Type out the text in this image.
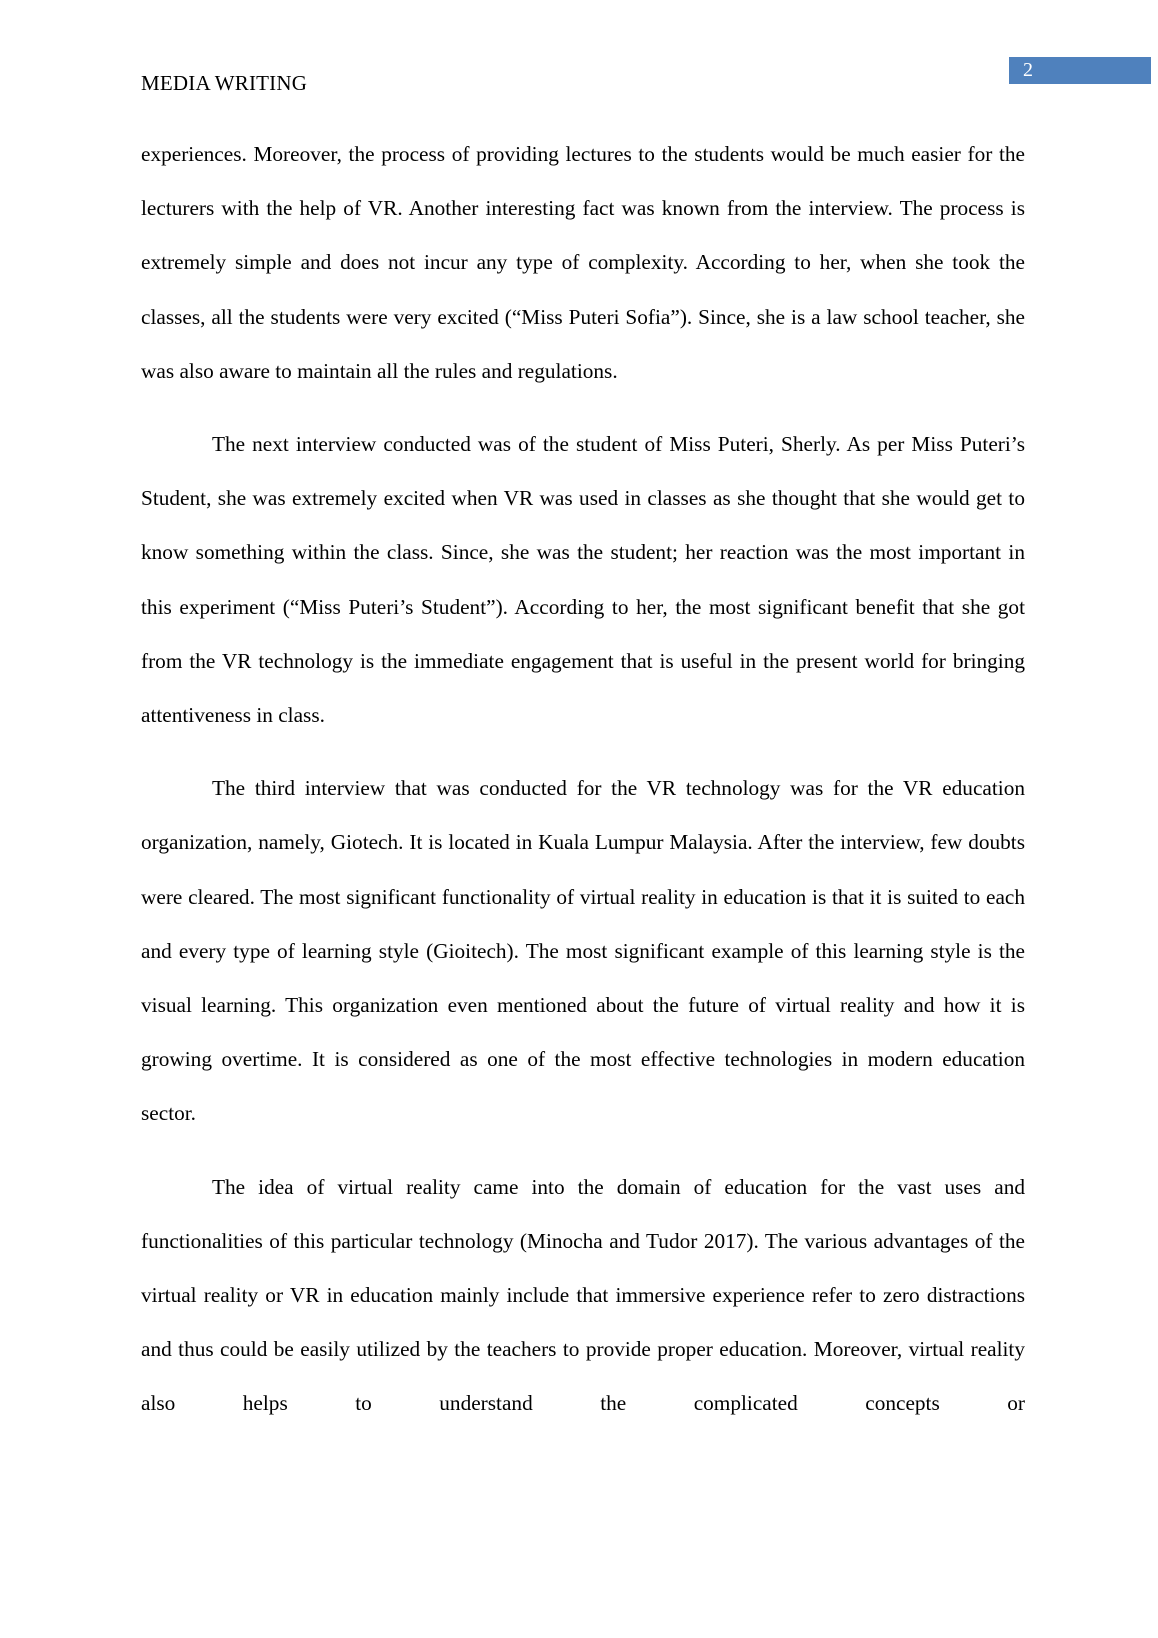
MEDIA WRITING
2

experiences. Moreover, the process of providing lectures to the students would be much easier for the lecturers with the help of VR. Another interesting fact was known from the interview. The process is extremely simple and does not incur any type of complexity. According to her, when she took the classes, all the students were very excited (“Miss Puteri Sofia”). Since, she is a law school teacher, she was also aware to maintain all the rules and regulations.

The next interview conducted was of the student of Miss Puteri, Sherly. As per Miss Puteri’s Student, she was extremely excited when VR was used in classes as she thought that she would get to know something within the class. Since, she was the student; her reaction was the most important in this experiment (“Miss Puteri’s Student”). According to her, the most significant benefit that she got from the VR technology is the immediate engagement that is useful in the present world for bringing attentiveness in class.

The third interview that was conducted for the VR technology was for the VR education organization, namely, Giotech. It is located in Kuala Lumpur Malaysia. After the interview, few doubts were cleared. The most significant functionality of virtual reality in education is that it is suited to each and every type of learning style (Gioitech). The most significant example of this learning style is the visual learning. This organization even mentioned about the future of virtual reality and how it is growing overtime. It is considered as one of the most effective technologies in modern education sector.

The idea of virtual reality came into the domain of education for the vast uses and functionalities of this particular technology (Minocha and Tudor 2017). The various advantages of the virtual reality or VR in education mainly include that immersive experience refer to zero distractions and thus could be easily utilized by the teachers to provide proper education. Moreover, virtual reality also helps to understand the complicated concepts or
